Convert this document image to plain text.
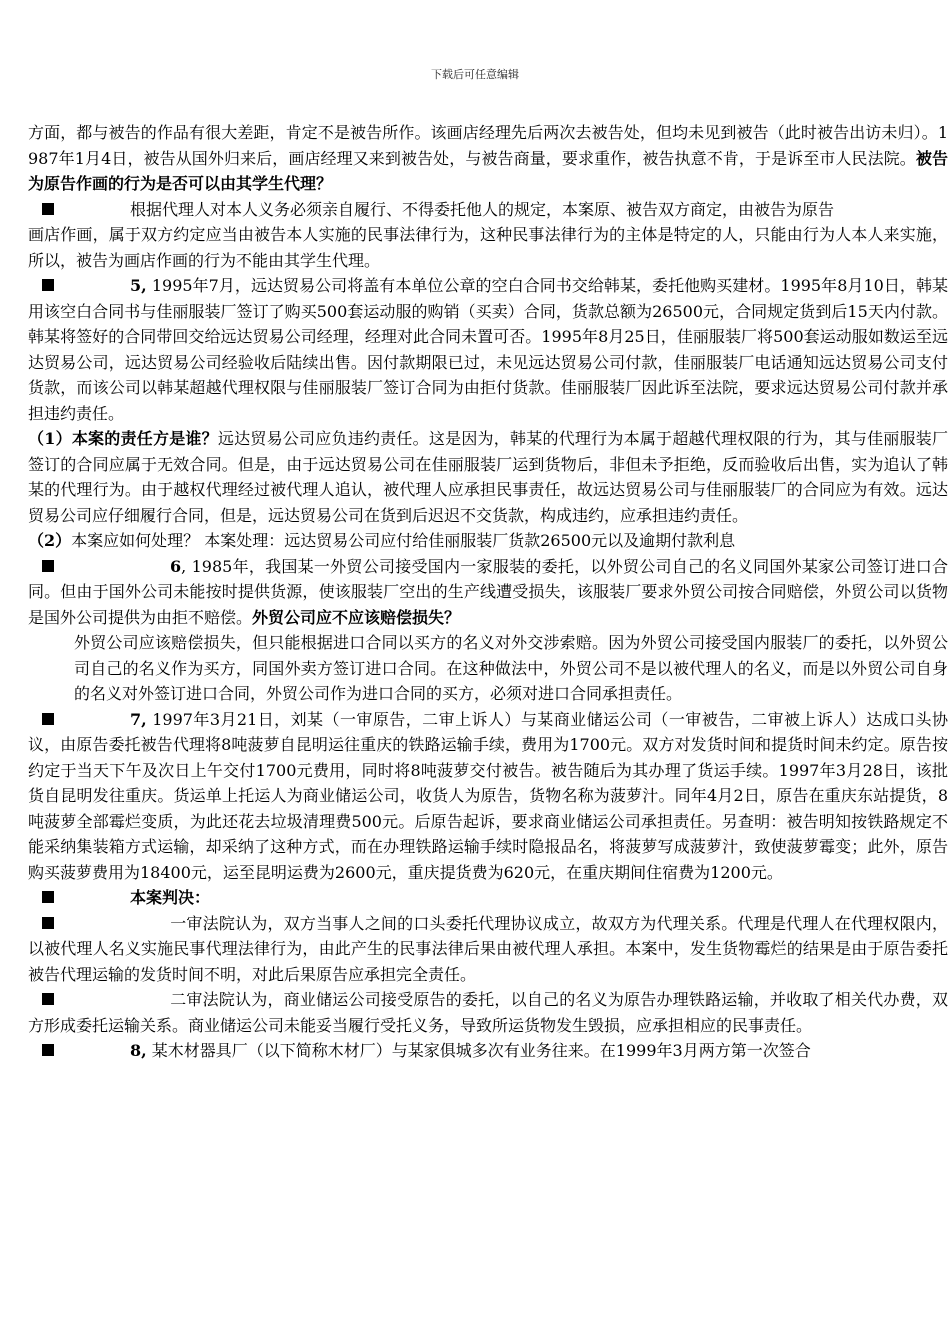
下载后可任意编辑

方面，都与被告的作品有很大差距，肯定不是被告所作。该画店经理先后两次去被告处，但均未见到被告（此时被告出访未归）。1987年1月4日，被告从国外归来后，画店经理又来到被告处，与被告商量，要求重作，被告执意不肯，于是诉至市人民法院。被告为原告作画的行为是否可以由其学生代理？

根据代理人对本人义务必须亲自履行、不得委托他人的规定，本案原、被告双方商定，由被告为原告

画店作画，属于双方约定应当由被告本人实施的民事法律行为，这种民事法律行为的主体是特定的人，只能由行为人本人来实施，所以，被告为画店作画的行为不能由其学生代理。

5, 1995年7月，远达贸易公司将盖有本单位公章的空白合同书交给韩某，委托他购买建材。1995年8月10日，韩某用该空白合同书与佳丽服装厂签订了购买500套运动服的购销（买卖）合同，货款总额为26500元，合同规定货到后15天内付款。韩某将签好的合同带回交给远达贸易公司经理，经理对此合同未置可否。1995年8月25日，佳丽服装厂将500套运动服如数运至远达贸易公司，远达贸易公司经验收后陆续出售。因付款期限已过，未见远达贸易公司付款，佳丽服装厂电话通知远达贸易公司支付货款，而该公司以韩某超越代理权限与佳丽服装厂签订合同为由拒付货款。佳丽服装厂因此诉至法院，要求远达贸易公司付款并承担违约责任。

（1）本案的责任方是谁？远达贸易公司应负违约责任。这是因为，韩某的代理行为本属于超越代理权限的行为，其与佳丽服装厂签订的合同应属于无效合同。但是，由于远达贸易公司在佳丽服装厂运到货物后，非但未予拒绝，反而验收后出售，实为追认了韩某的代理行为。由于越权代理经过被代理人追认，被代理人应承担民事责任，故远达贸易公司与佳丽服装厂的合同应为有效。远达贸易公司应仔细履行合同，但是，远达贸易公司在货到后迟迟不交货款，构成违约，应承担违约责任。

（2）本案应如何处理？ 本案处理：远达贸易公司应付给佳丽服装厂货款26500元以及逾期付款利息

6, 1985年，我国某一外贸公司接受国内一家服装的委托，以外贸公司自己的名义同国外某家公司签订进口合同。但由于国外公司未能按时提供货源，使该服装厂空出的生产线遭受损失，该服装厂要求外贸公司按合同赔偿，外贸公司以货物是国外公司提供为由拒不赔偿。外贸公司应不应该赔偿损失？

外贸公司应该赔偿损失，但只能根据进口合同以买方的名义对外交涉索赔。因为外贸公司接受国内服装厂的委托，以外贸公司自己的名义作为买方，同国外卖方签订进口合同。在这种做法中，外贸公司不是以被代理人的名义，而是以外贸公司自身的名义对外签订进口合同，外贸公司作为进口合同的买方，必须对进口合同承担责任。

7, 1997年3月21日，刘某（一审原告，二审上诉人）与某商业储运公司（一审被告，二审被上诉人）达成口头协议，由原告委托被告代理将8吨菠萝自昆明运往重庆的铁路运输手续，费用为1700元。双方对发货时间和提货时间未约定。原告按约定于当天下午及次日上午交付1700元费用，同时将8吨菠萝交付被告。被告随后为其办理了货运手续。1997年3月28日，该批货自昆明发往重庆。货运单上托运人为商业储运公司，收货人为原告，货物名称为菠萝汁。同年4月2日，原告在重庆东站提货，8吨菠萝全部霉烂变质，为此还花去垃圾清理费500元。后原告起诉，要求商业储运公司承担责任。另查明：被告明知按铁路规定不能采纳集装箱方式运输，却采纳了这种方式，而在办理铁路运输手续时隐报品名，将菠萝写成菠萝汁，致使菠萝霉变；此外，原告购买菠萝费用为18400元，运至昆明运费为2600元，重庆提货费为620元，在重庆期间住宿费为1200元。

本案判决：

一审法院认为，双方当事人之间的口头委托代理协议成立，故双方为代理关系。代理是代理人在代理权限内，以被代理人名义实施民事代理法律行为，由此产生的民事法律后果由被代理人承担。本案中，发生货物霉烂的结果是由于原告委托被告代理运输的发货时间不明，对此后果原告应承担完全责任。

二审法院认为，商业储运公司接受原告的委托，以自己的名义为原告办理铁路运输，并收取了相关代办费，双方形成委托运输关系。商业储运公司未能妥当履行受托义务，导致所运货物发生毁损，应承担相应的民事责任。

8, 某木材器具厂（以下简称木材厂）与某家俱城多次有业务往来。在1999年3月两方第一次签合
